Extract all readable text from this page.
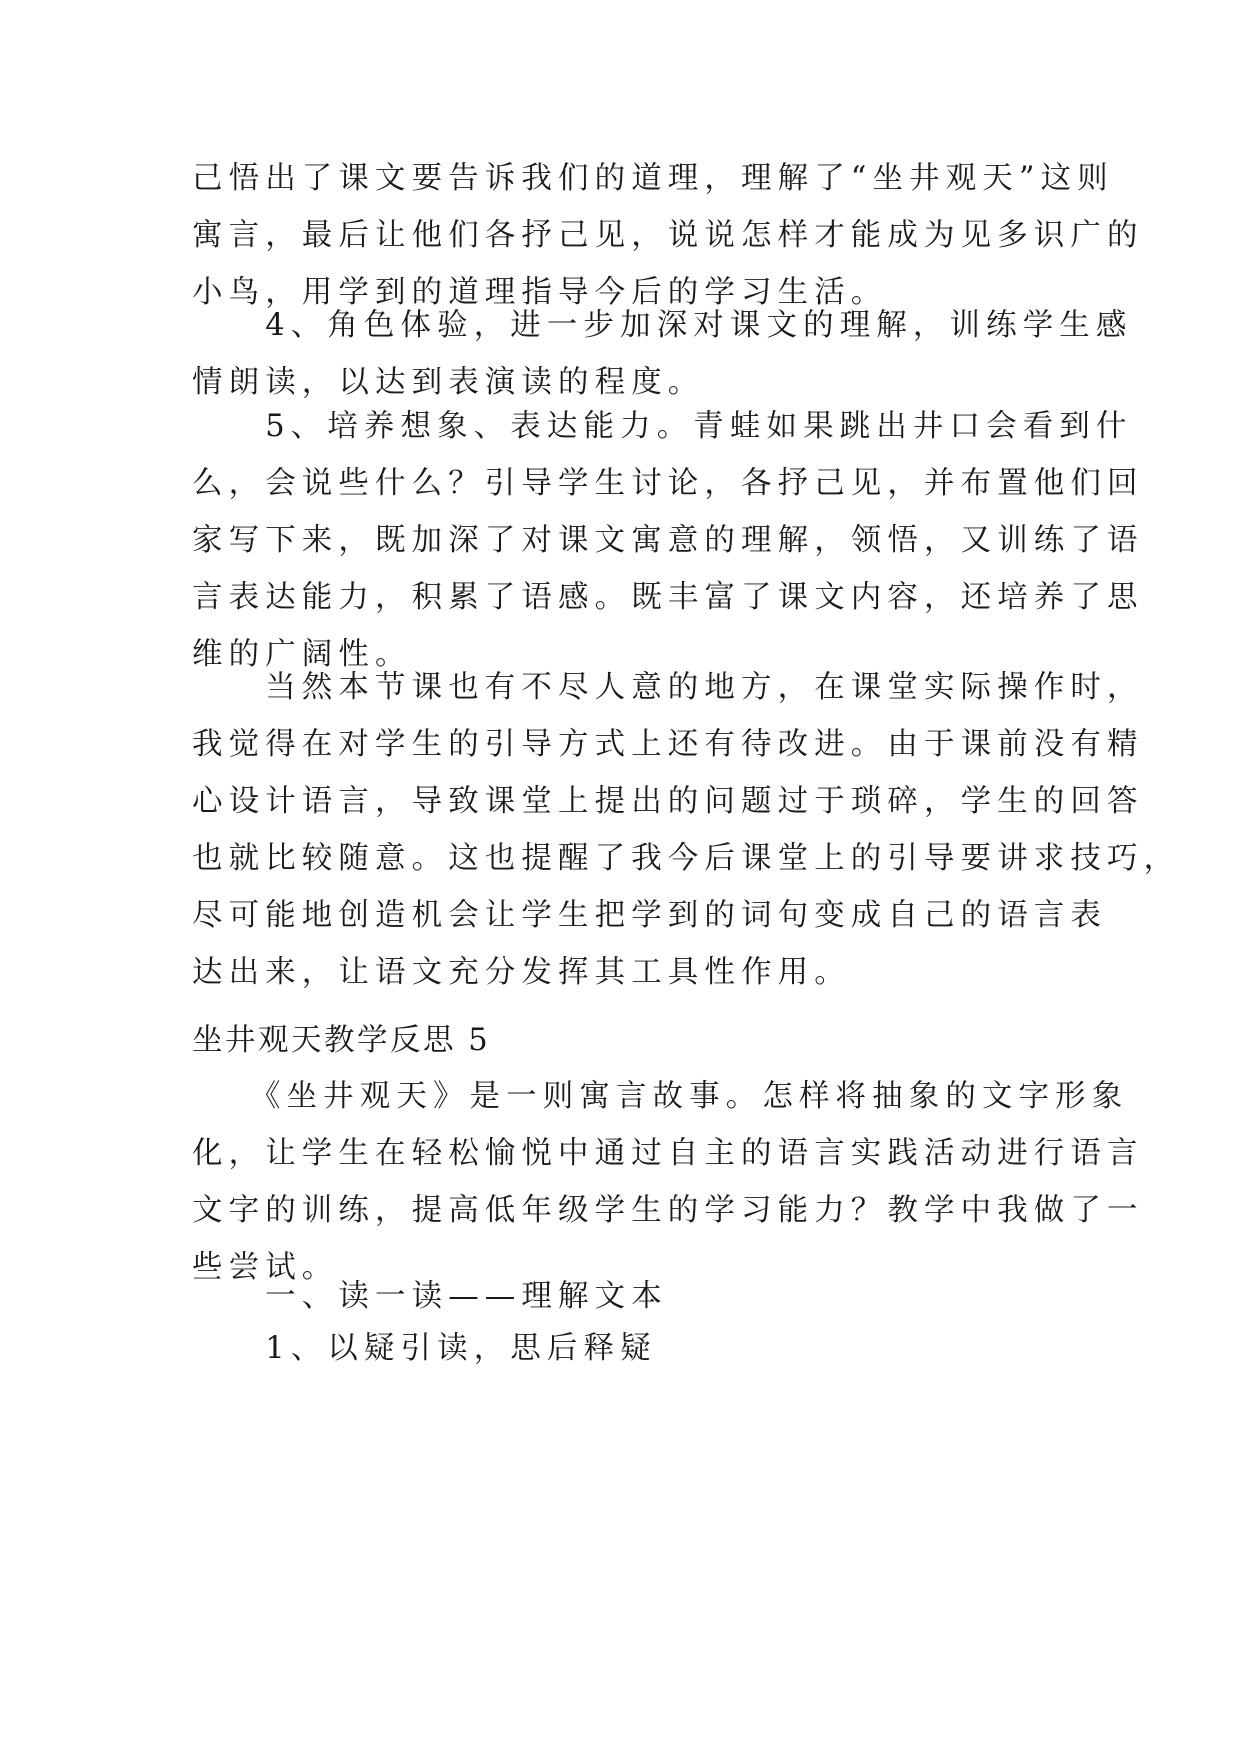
己悟出了课文要告诉我们的道理，理解了“坐井观天”这则
寓言，最后让他们各抒己见，说说怎样才能成为见多识广的
小鸟，用学到的道理指导今后的学习生活。
　　4、角色体验，进一步加深对课文的理解，训练学生感
情朗读，以达到表演读的程度。
　　5、培养想象、表达能力。青蛙如果跳出井口会看到什
么，会说些什么？引导学生讨论，各抒己见，并布置他们回
家写下来，既加深了对课文寓意的理解，领悟，又训练了语
言表达能力，积累了语感。既丰富了课文内容，还培养了思
维的广阔性。
　　当然本节课也有不尽人意的地方，在课堂实际操作时，
我觉得在对学生的引导方式上还有待改进。由于课前没有精
心设计语言，导致课堂上提出的问题过于琐碎，学生的回答
也就比较随意。这也提醒了我今后课堂上的引导要讲求技巧，
尽可能地创造机会让学生把学到的词句变成自己的语言表
达出来，让语文充分发挥其工具性作用。
坐井观天教学反思 5
　　《坐井观天》是一则寓言故事。怎样将抽象的文字形象
化，让学生在轻松愉悦中通过自主的语言实践活动进行语言
文字的训练，提高低年级学生的学习能力？教学中我做了一
些尝试。
　　一、读一读——理解文本
　　1、以疑引读，思后释疑
